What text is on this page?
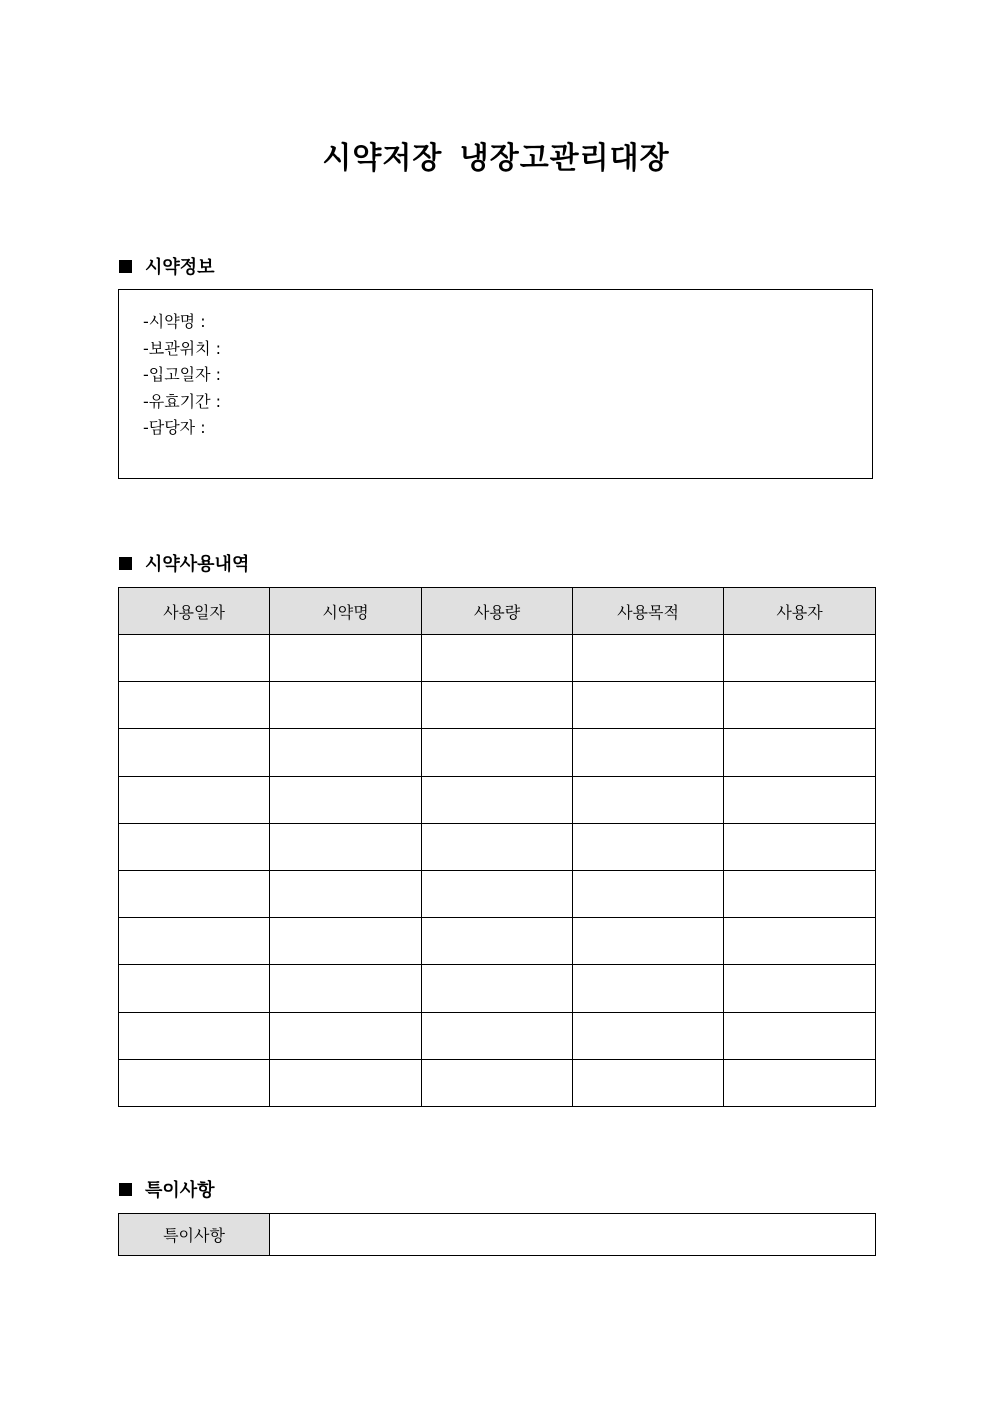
시약저장 냉장고관리대장
시약정보
-시약명 :
-보관위치 :
-입고일자 :
-유효기간 :
-담당자 :
시약사용내역
사용일자	시약명	사용량	사용목적	사용자

특이사항
특이사항	
